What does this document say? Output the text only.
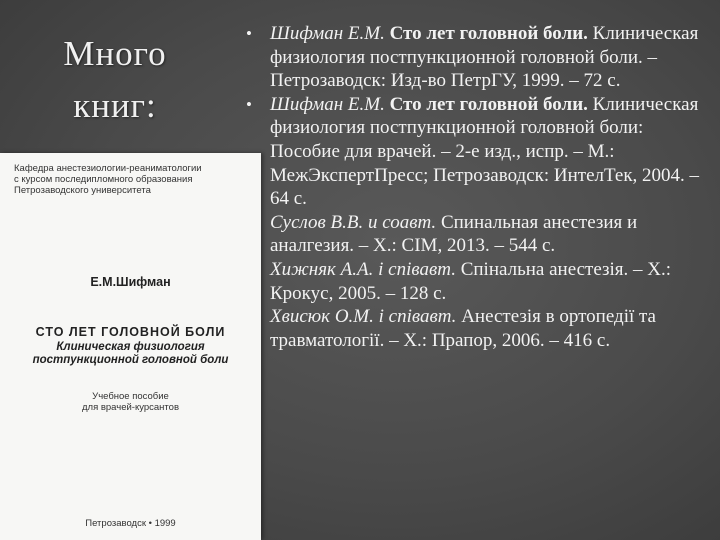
Много
книг:
Кафедра анестезиологии-реаниматологии
с курсом последипломного образования
Петрозаводского университета
Е.М.Шифман
СТО ЛЕТ ГОЛОВНОЙ БОЛИ
Клиническая физиология
постпункционной головной боли
Учебное пособие
для врачей-курсантов
Петрозаводск • 1999
• Шифман Е.М. Сто лет головной боли. Клиническая физиология постпункционной головной боли. – Петрозаводск: Изд-во ПетрГУ, 1999. – 72 с.
• Шифман Е.М. Сто лет головной боли. Клиническая физиология постпункционной головной боли: Пособие для врачей. – 2-е изд., испр. – М.: МежЭкспертПресс; Петрозаводск: ИнтелТек, 2004. – 64 с.
Суслов В.В. и соавт. Спинальная анестезия и аналгезия. – Х.: СІМ, 2013. – 544 с.
Хижняк А.А. і співавт. Спінальна анестезія. – Х.: Крокус, 2005. – 128 с.
Хвисюк О.М. і співавт. Анестезія в ортопедії та травматології. – Х.: Прапор, 2006. – 416 с.
